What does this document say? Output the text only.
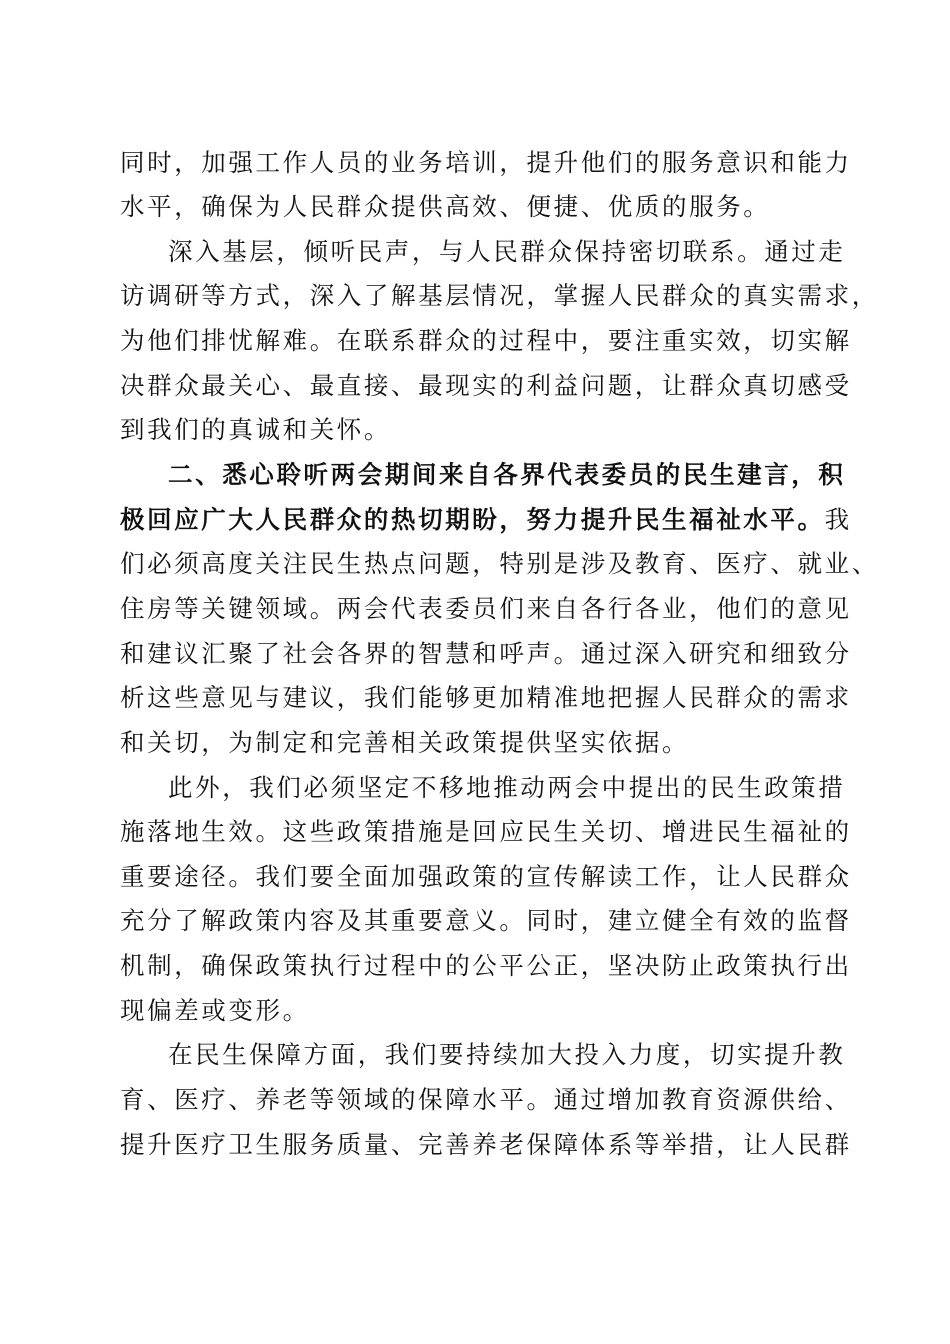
同时，加强工作人员的业务培训，提升他们的服务意识和能力
水平，确保为人民群众提供高效、便捷、优质的服务。
深入基层，倾听民声，与人民群众保持密切联系。通过走
访调研等方式，深入了解基层情况，掌握人民群众的真实需求，
为他们排忧解难。在联系群众的过程中，要注重实效，切实解
决群众最关心、最直接、最现实的利益问题，让群众真切感受
到我们的真诚和关怀。
二、悉心聆听两会期间来自各界代表委员的民生建言，积
极回应广大人民群众的热切期盼，努力提升民生福祉水平。我
们必须高度关注民生热点问题，特别是涉及教育、医疗、就业、
住房等关键领域。两会代表委员们来自各行各业，他们的意见
和建议汇聚了社会各界的智慧和呼声。通过深入研究和细致分
析这些意见与建议，我们能够更加精准地把握人民群众的需求
和关切，为制定和完善相关政策提供坚实依据。
此外，我们必须坚定不移地推动两会中提出的民生政策措
施落地生效。这些政策措施是回应民生关切、增进民生福祉的
重要途径。我们要全面加强政策的宣传解读工作，让人民群众
充分了解政策内容及其重要意义。同时，建立健全有效的监督
机制，确保政策执行过程中的公平公正，坚决防止政策执行出
现偏差或变形。
在民生保障方面，我们要持续加大投入力度，切实提升教
育、医疗、养老等领域的保障水平。通过增加教育资源供给、
提升医疗卫生服务质量、完善养老保障体系等举措，让人民群
